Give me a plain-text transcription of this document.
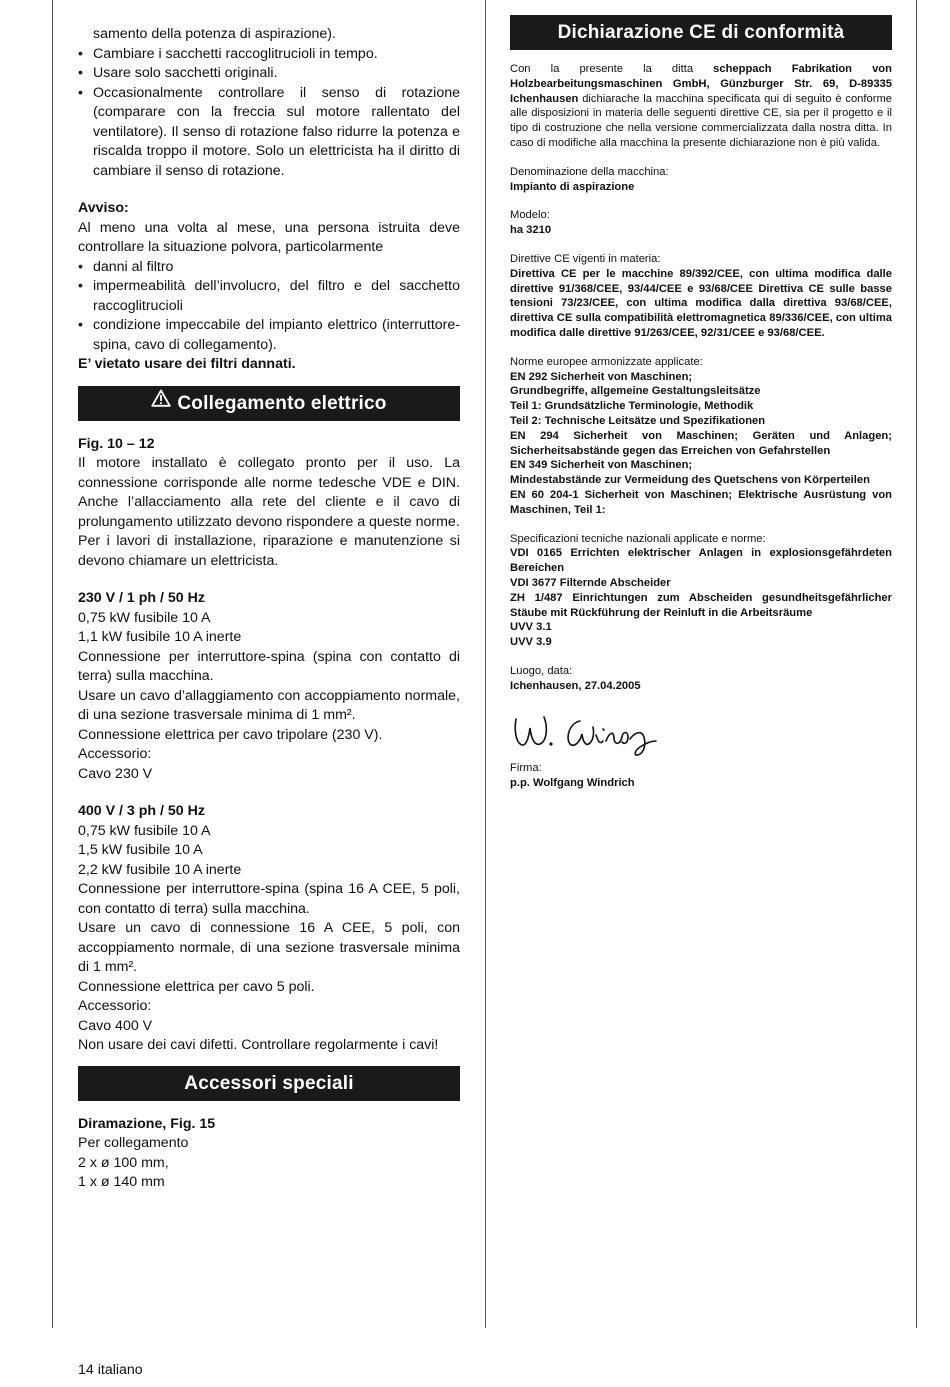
samento della potenza di aspirazione).

• Cambiare i sacchetti raccoglitrucioli in tempo.
• Usare solo sacchetti originali.
• Occasionalmente controllare il senso di rotazione (comparare con la freccia sul motore rallentato del ventilatore). Il senso di rotazione falso ridurre la potenza e riscalda troppo il motore. Solo un elettricista ha il diritto di cambiare il senso di rotazione.

Avviso:

Al meno una volta al mese, una persona istruita deve controllare la situazione polvora, particolarmente

• danni al filtro
• impermeabilità dell’involucro, del filtro e del sacchetto raccoglitrucioli
• condizione impeccabile del impianto elettrico (interruttore-spina, cavo di collegamento).

E’ vietato usare dei filtri dannati.

Collegamento elettrico

Fig. 10 – 12

Il motore installato è collegato pronto per il uso. La connessione corrisponde alle norme tedesche VDE e DIN. Anche l’allacciamento alla rete del cliente e il cavo di prolungamento utilizzato devono rispondere a queste norme.

Per i lavori di installazione, riparazione e manutenzione si devono chiamare un elettricista.

230 V / 1 ph / 50 Hz

0,75 kW fusibile 10 A

1,1 kW fusibile 10 A inerte

Connessione per interruttore-spina (spina con contatto di terra) sulla macchina.

Usare un cavo d’allaggiamento con accoppiamento normale, di una sezione trasversale minima di 1 mm².

Connessione elettrica per cavo tripolare (230 V).

Accessorio:

Cavo 230 V

400 V / 3 ph / 50 Hz

0,75 kW fusibile 10 A

1,5 kW fusibile 10 A

2,2 kW fusibile 10 A inerte

Connessione per interruttore-spina (spina 16 A CEE, 5 poli, con contatto di terra) sulla macchina.

Usare un cavo di connessione 16 A CEE, 5 poli, con accoppiamento normale, di una sezione trasversale minima di 1 mm².

Connessione elettrica per cavo 5 poli.

Accessorio:

Cavo 400 V

Non usare dei cavi difetti. Controllare regolarmente i cavi!

Accessori speciali

Diramazione, Fig. 15

Per collegamento

2 x ø 100 mm,

1 x ø 140 mm

Dichiarazione CE di conformità

Con la presente la ditta scheppach Fabrikation von Holzbearbeitungsmaschinen GmbH, Günzburger Str. 69, D-89335 Ichenhausen dichiarache la macchina specificata qui di seguito è conforme alle disposizioni in materia delle seguenti direttive CE, sia per il progetto e il tipo di costruzione che nella versione commercializzata dalla nostra ditta. In caso di modifiche alla macchina la presente dichiarazione non è più valida.

Denominazione della macchina:

Impianto di aspirazione

Modelo:

ha 3210

Direttive CE vigenti in materia:

Direttiva CE per le macchine 89/392/CEE, con ultima modifica dalle direttive 91/368/CEE, 93/44/CEE e 93/68/CEE Direttiva CE sulle basse tensioni 73/23/CEE, con ultima modifica dalla direttiva 93/68/CEE, direttiva CE sulla compatibilità elettromagnetica 89/336/CEE, con ultima modifica dalle direttive 91/263/CEE, 92/31/CEE e 93/68/CEE.

Norme europee armonizzate applicate:

EN 292 Sicherheit von Maschinen;

Grundbegriffe, allgemeine Gestaltungsleitsätze

Teil 1: Grundsätzliche Terminologie, Methodik

Teil 2: Technische Leitsätze und Spezifikationen

EN 294 Sicherheit von Maschinen; Geräten und Anlagen; Sicherheitsabstände gegen das Erreichen von Gefahrstellen

EN 349 Sicherheit von Maschinen;

Mindestabstände zur Vermeidung des Quetschens von Körperteilen

EN 60 204-1 Sicherheit von Maschinen; Elektrische Ausrüstung von Maschinen, Teil 1:

Specificazioni tecniche nazionali applicate e norme:

VDI 0165 Errichten elektrischer Anlagen in explosionsgefährdeten Bereichen

VDI 3677 Filternde Abscheider

ZH 1/487 Einrichtungen zum Abscheiden gesundheitsgefährlicher Stäube mit Rückführung der Reinluft in die Arbeitsräume

UVV 3.1

UVV 3.9

Luogo, data:

Ichenhausen, 27.04.2005

Firma:

p.p. Wolfgang Windrich

14 italiano
